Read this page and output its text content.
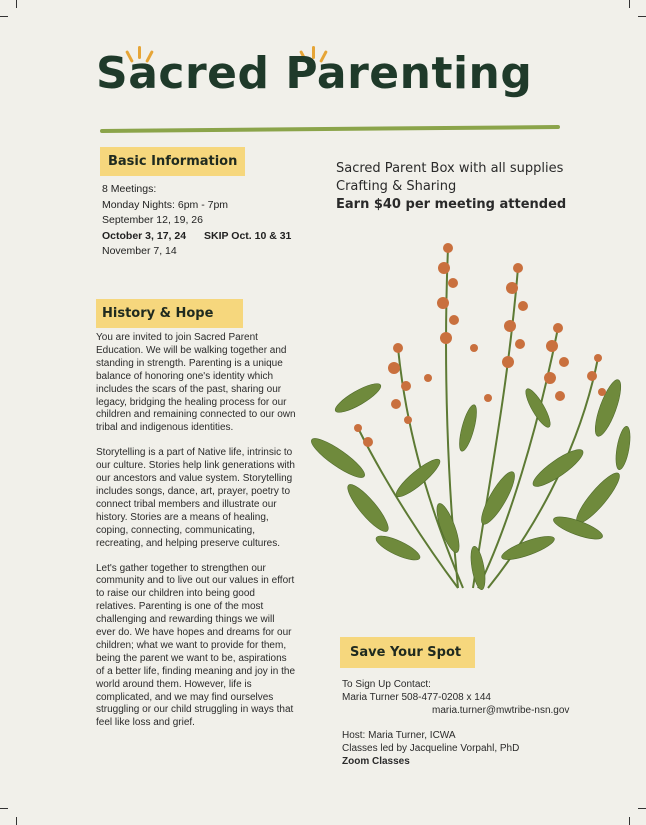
Sacred Parenting
Basic Information
8 Meetings:
Monday Nights: 6pm - 7pm
September 12, 19, 26
October 3, 17, 24 SKIP Oct. 10 & 31
November 7, 14
Sacred Parent Box with all supplies
Crafting & Sharing
Earn $40 per meeting attended
History & Hope

You are invited to join Sacred Parent Education. We will be walking together and standing in strength. Parenting is a unique balance of honoring one's identity which includes the scars of the past, sharing our legacy, bridging the healing process for our children and remaining connected to our own tribal and indigenous identities.

Storytelling is a part of Native life, intrinsic to our culture. Stories help link generations with our ancestors and value system. Storytelling includes songs, dance, art, prayer, poetry to connect tribal members and illustrate our history. Stories are a means of healing, coping, connecting, communicating, recreating, and helping preserve cultures.

Let's gather together to strengthen our community and to live out our values in effort to raise our children into being good relatives. Parenting is one of the most challenging and rewarding things we will ever do. We have hopes and dreams for our children; what we want to provide for them, being the parent we want to be, aspirations of a better life, finding meaning and joy in the world around them. However, life is complicated, and we may find ourselves struggling or our child struggling in ways that feel like loss and grief.

Save Your Spot
To Sign Up Contact:
Maria Turner 508-477-0208 x 144
maria.turner@mwtribe-nsn.gov
Host: Maria Turner, ICWA
Classes led by Jacqueline Vorpahl, PhD
Zoom Classes
